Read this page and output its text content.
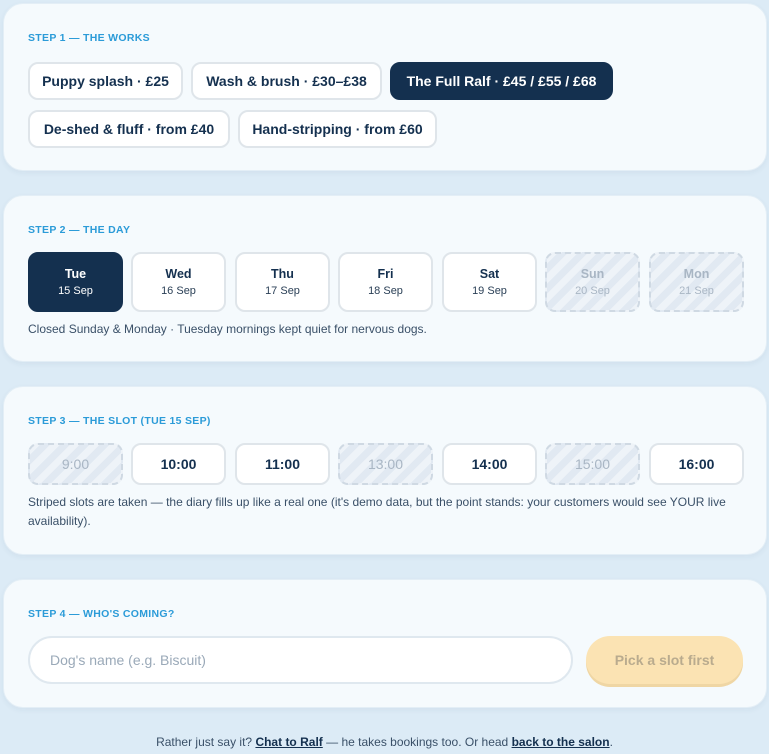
STEP 1 — THE WORKS
Puppy splash · £25	Wash & brush · £30–£38	The Full Ralf · £45 / £55 / £68
De-shed & fluff · from £40	Hand-stripping · from £60
STEP 2 — THE DAY
Tue
15 Sep
Wed
16 Sep
Thu
17 Sep
Fri
18 Sep
Sat
19 Sep
Sun
20 Sep
Mon
21 Sep

Closed Sunday & Monday · Tuesday mornings kept quiet for nervous dogs.

STEP 3 — THE SLOT (TUE 15 SEP)
9:00	10:00	11:00	13:00	14:00	15:00	16:00

Striped slots are taken — the diary fills up like a real one (it's demo data, but the point stands: your customers would see YOUR live availability).

STEP 4 — WHO'S COMING?
Dog's name (e.g. Biscuit)
Pick a slot first

Rather just say it? Chat to Ralf — he takes bookings too. Or head back to the salon.
